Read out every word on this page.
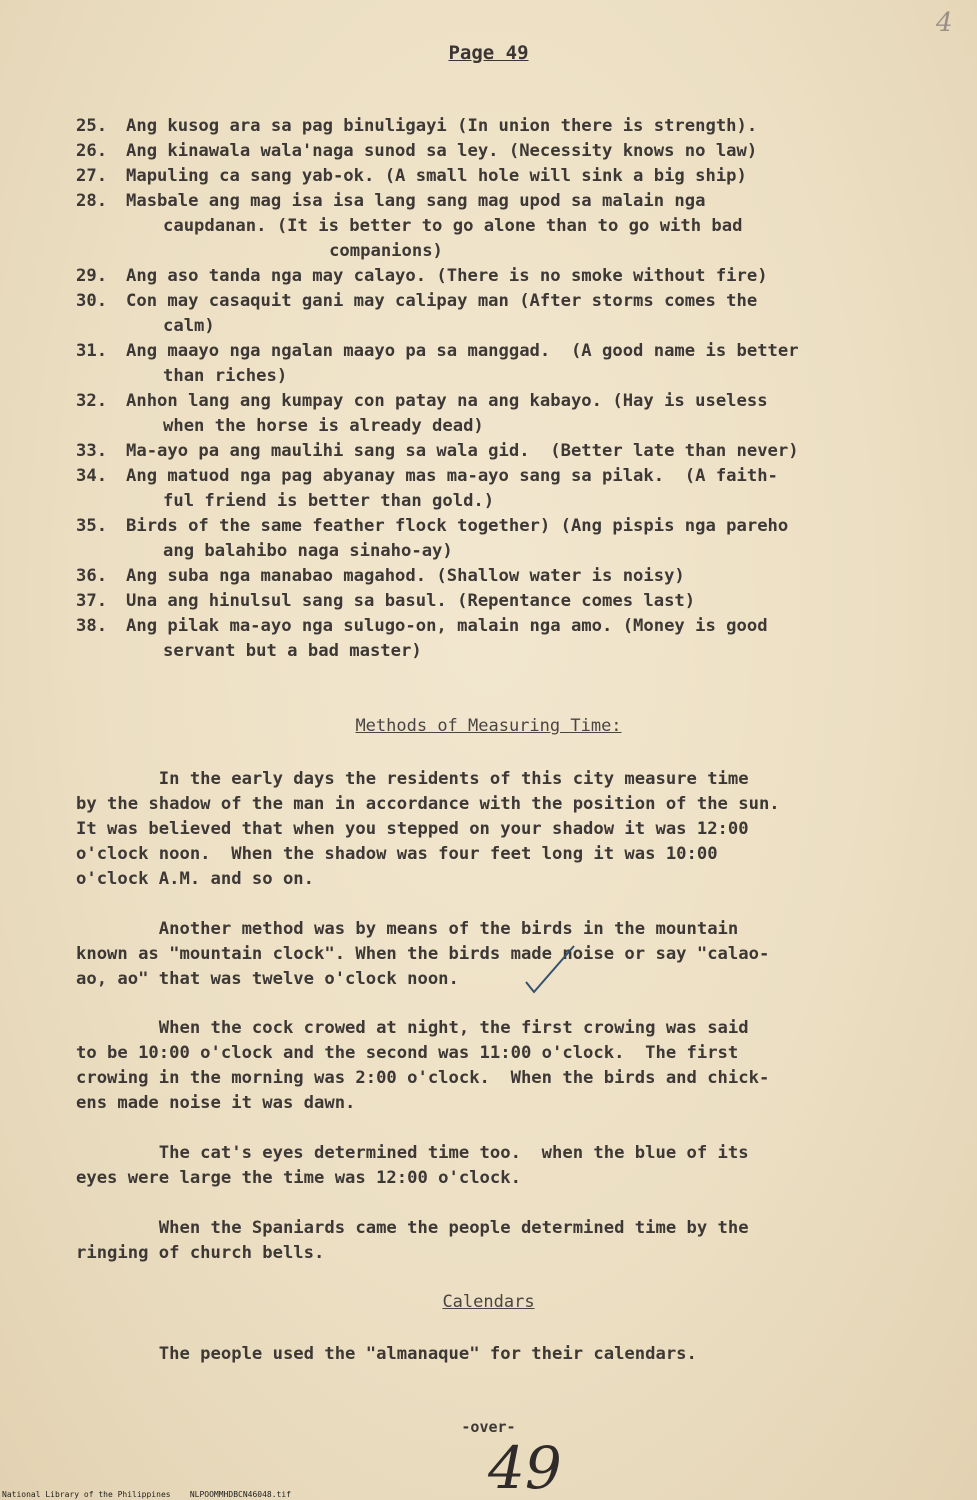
4
Page 49
25. Ang kusog ara sa pag binuligayi (In union there is strength).
26. Ang kinawala wala'naga sunod sa ley. (Necessity knows no law)
27. Mapuling ca sang yab-ok. (A small hole will sink a big ship)
28. Masbale ang mag isa isa lang sang mag upod sa malain nga
caupdanan. (It is better to go alone than to go with bad
companions)
29. Ang aso tanda nga may calayo. (There is no smoke without fire)
30. Con may casaquit gani may calipay man (After storms comes the
calm)
31. Ang maayo nga ngalan maayo pa sa manggad.  (A good name is better
than riches)
32. Anhon lang ang kumpay con patay na ang kabayo. (Hay is useless
when the horse is already dead)
33. Ma-ayo pa ang maulihi sang sa wala gid.  (Better late than never)
34. Ang matuod nga pag abyanay mas ma-ayo sang sa pilak.  (A faith-
ful friend is better than gold.)
35. Birds of the same feather flock together) (Ang pispis nga pareho
ang balahibo naga sinaho-ay)
36. Ang suba nga manabao magahod. (Shallow water is noisy)
37. Una ang hinulsul sang sa basul. (Repentance comes last)
38. Ang pilak ma-ayo nga sulugo-on, malain nga amo. (Money is good
servant but a bad master)
Methods of Measuring Time:

In the early days the residents of this city measure time
by the shadow of the man in accordance with the position of the sun.
It was believed that when you stepped on your shadow it was 12:00
o'clock noon.  When the shadow was four feet long it was 10:00
o'clock A.M. and so on.

Another method was by means of the birds in the mountain
known as "mountain clock". When the birds made noise or say "calao-
ao, ao" that was twelve o'clock noon.

When the cock crowed at night, the first crowing was said
to be 10:00 o'clock and the second was 11:00 o'clock.  The first
crowing in the morning was 2:00 o'clock.  When the birds and chick-
ens made noise it was dawn.

The cat's eyes determined time too.  when the blue of its
eyes were large the time was 12:00 o'clock.

When the Spaniards came the people determined time by the
ringing of church bells.

Calendars

The people used the "almanaque" for their calendars.

-over-
49
National Library of the Philippines NLPOOMMHDBCN46048.tif
